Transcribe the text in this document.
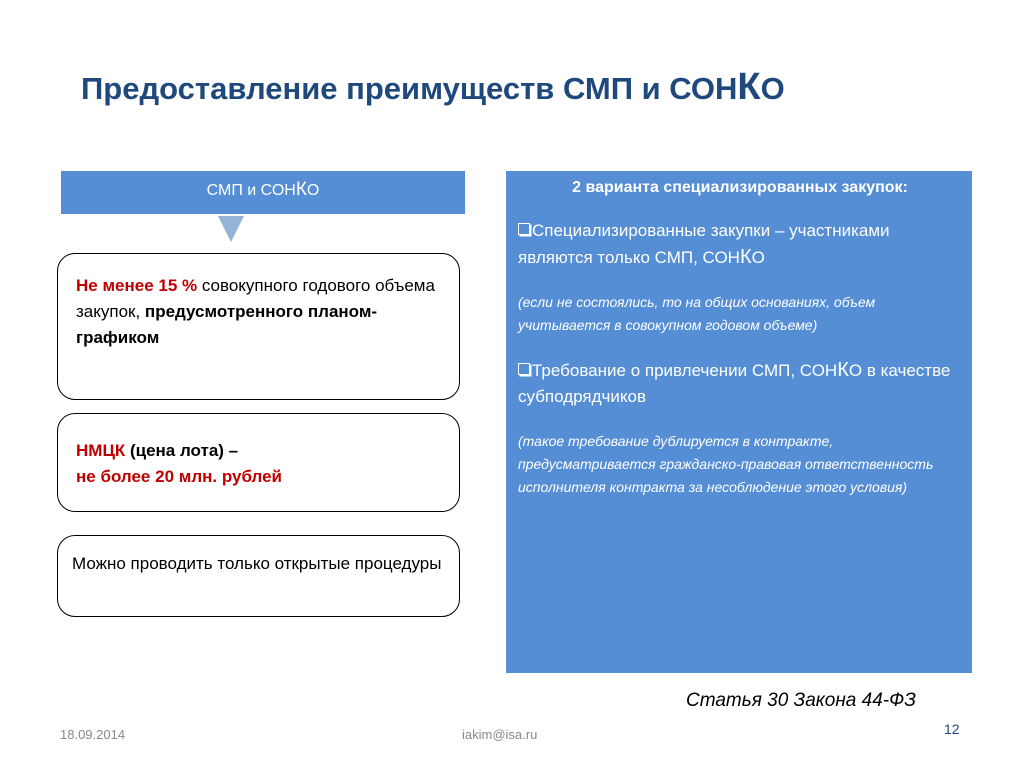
Предоставление преимуществ СМП и СОНКО
СМП и СОНКО
Не менее 15 % совокупного годового объема закупок, предусмотренного планом-графиком
НМЦК (цена лота) –
не более 20 млн. рублей
Можно проводить только открытые процедуры

2 варианта специализированных закупок:

Специализированные закупки – участниками являются только СМП, СОНКО

(если не состоялись, то на общих основаниях, объем учитывается в совокупном годовом объеме)

Требование о привлечении СМП, СОНКО в качестве субподрядчиков

(такое требование дублируется в контракте, предусматривается гражданско-правовая ответственность исполнителя контракта за несоблюдение этого условия)

Статья 30 Закона 44-ФЗ
18.09.2014	iakim@isa.ru	12
